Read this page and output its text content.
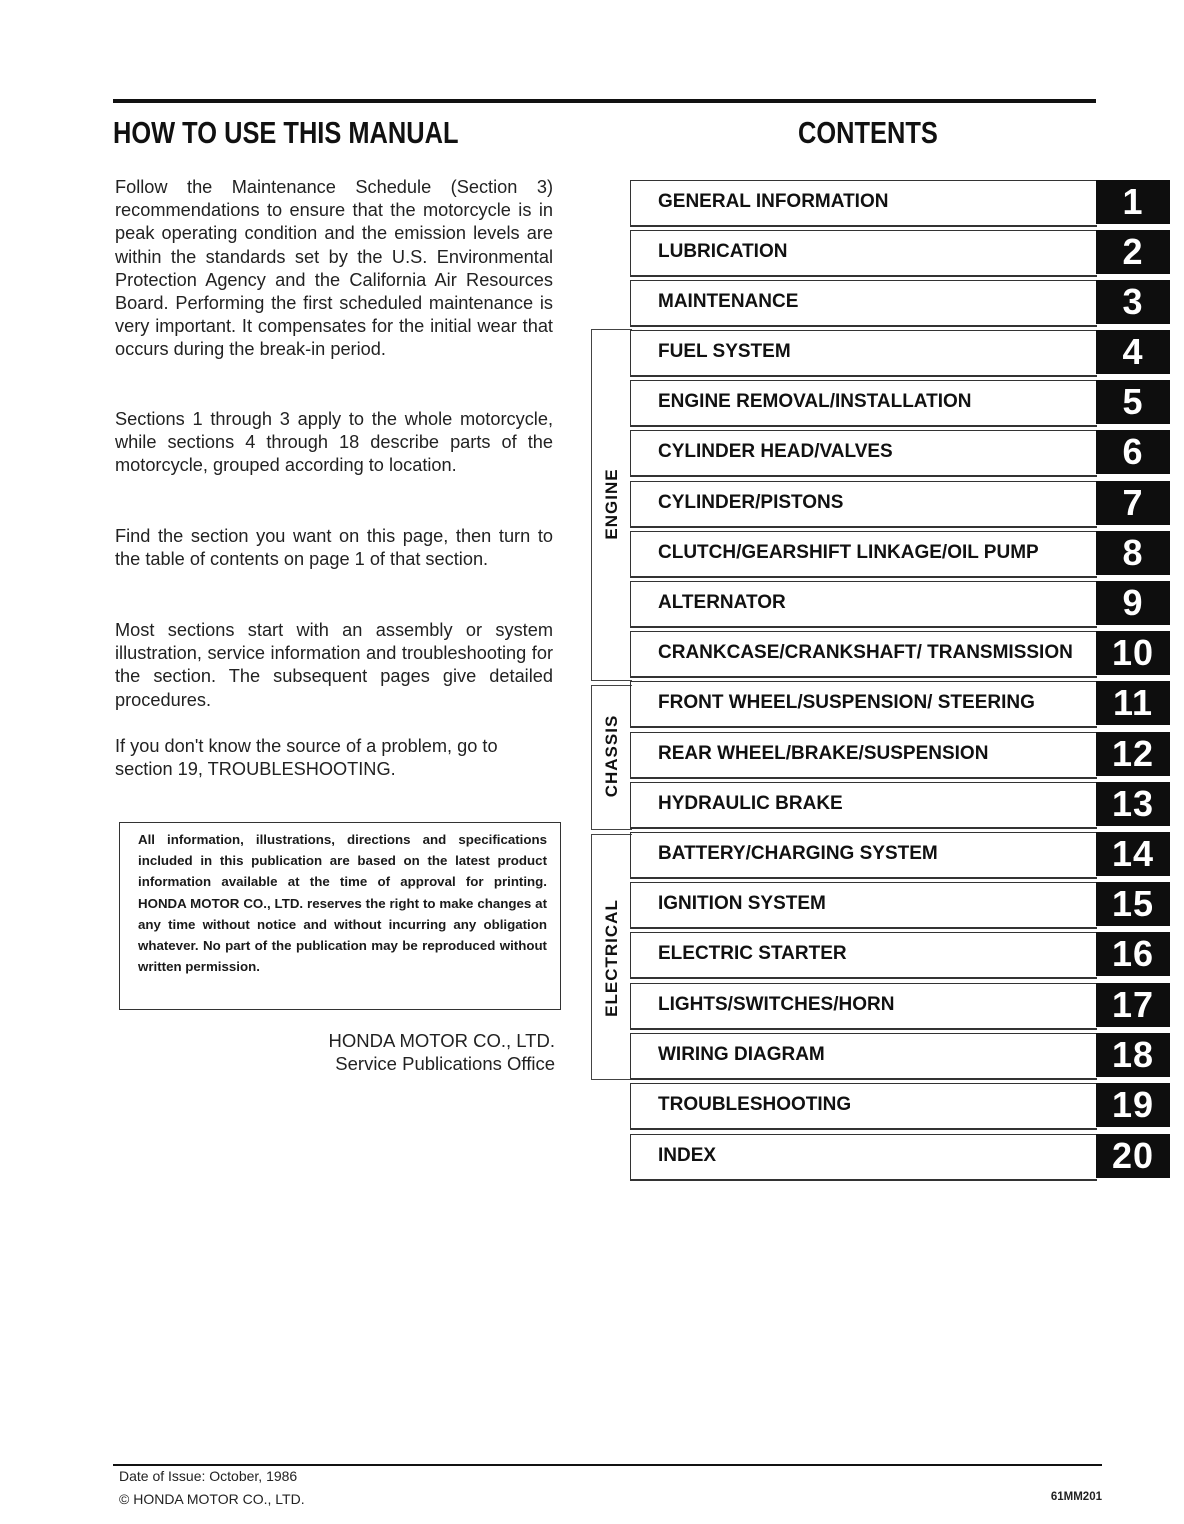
HOW TO USE THIS MANUAL	CONTENTS

Follow the Maintenance Schedule (Section 3) recommendations to ensure that the motorcycle is in peak operating condition and the emission levels are within the standards set by the U.S. Environmental Protection Agency and the California Air Resources Board. Performing the first scheduled maintenance is very important. It compensates for the initial wear that occurs during the break-in period.

Sections 1 through 3 apply to the whole motorcycle, while sections 4 through 18 describe parts of the motorcycle, grouped according to location.

Find the section you want on this page, then turn to the table of contents on page 1 of that section.

Most sections start with an assembly or system illustration, service information and troubleshooting for the section. The subsequent pages give detailed procedures.

If you don't know the source of a problem, go to section 19, TROUBLESHOOTING.

All information, illustrations, directions and specifications included in this publication are based on the latest product information available at the time of approval for printing. HONDA MOTOR CO., LTD. reserves the right to make changes at any time without notice and without incurring any obligation whatever. No part of the publication may be reproduced without written permission.
HONDA MOTOR CO., LTD.
Service Publications Office
ENGINE
CHASSIS
ELECTRICAL
GENERAL INFORMATION	1
LUBRICATION	2
MAINTENANCE	3
FUEL SYSTEM	4
ENGINE REMOVAL/INSTALLATION	5
CYLINDER HEAD/VALVES	6
CYLINDER/PISTONS	7
CLUTCH/GEARSHIFT LINKAGE/OIL PUMP	8
ALTERNATOR	9
CRANKCASE/CRANKSHAFT/ TRANSMISSION	10
FRONT WHEEL/SUSPENSION/ STEERING	11
REAR WHEEL/BRAKE/SUSPENSION	12
HYDRAULIC BRAKE	13
BATTERY/CHARGING SYSTEM	14
IGNITION SYSTEM	15
ELECTRIC STARTER	16
LIGHTS/SWITCHES/HORN	17
WIRING DIAGRAM	18
TROUBLESHOOTING	19
INDEX	20
Date of Issue: October, 1986
© HONDA MOTOR CO., LTD.	61MM201
